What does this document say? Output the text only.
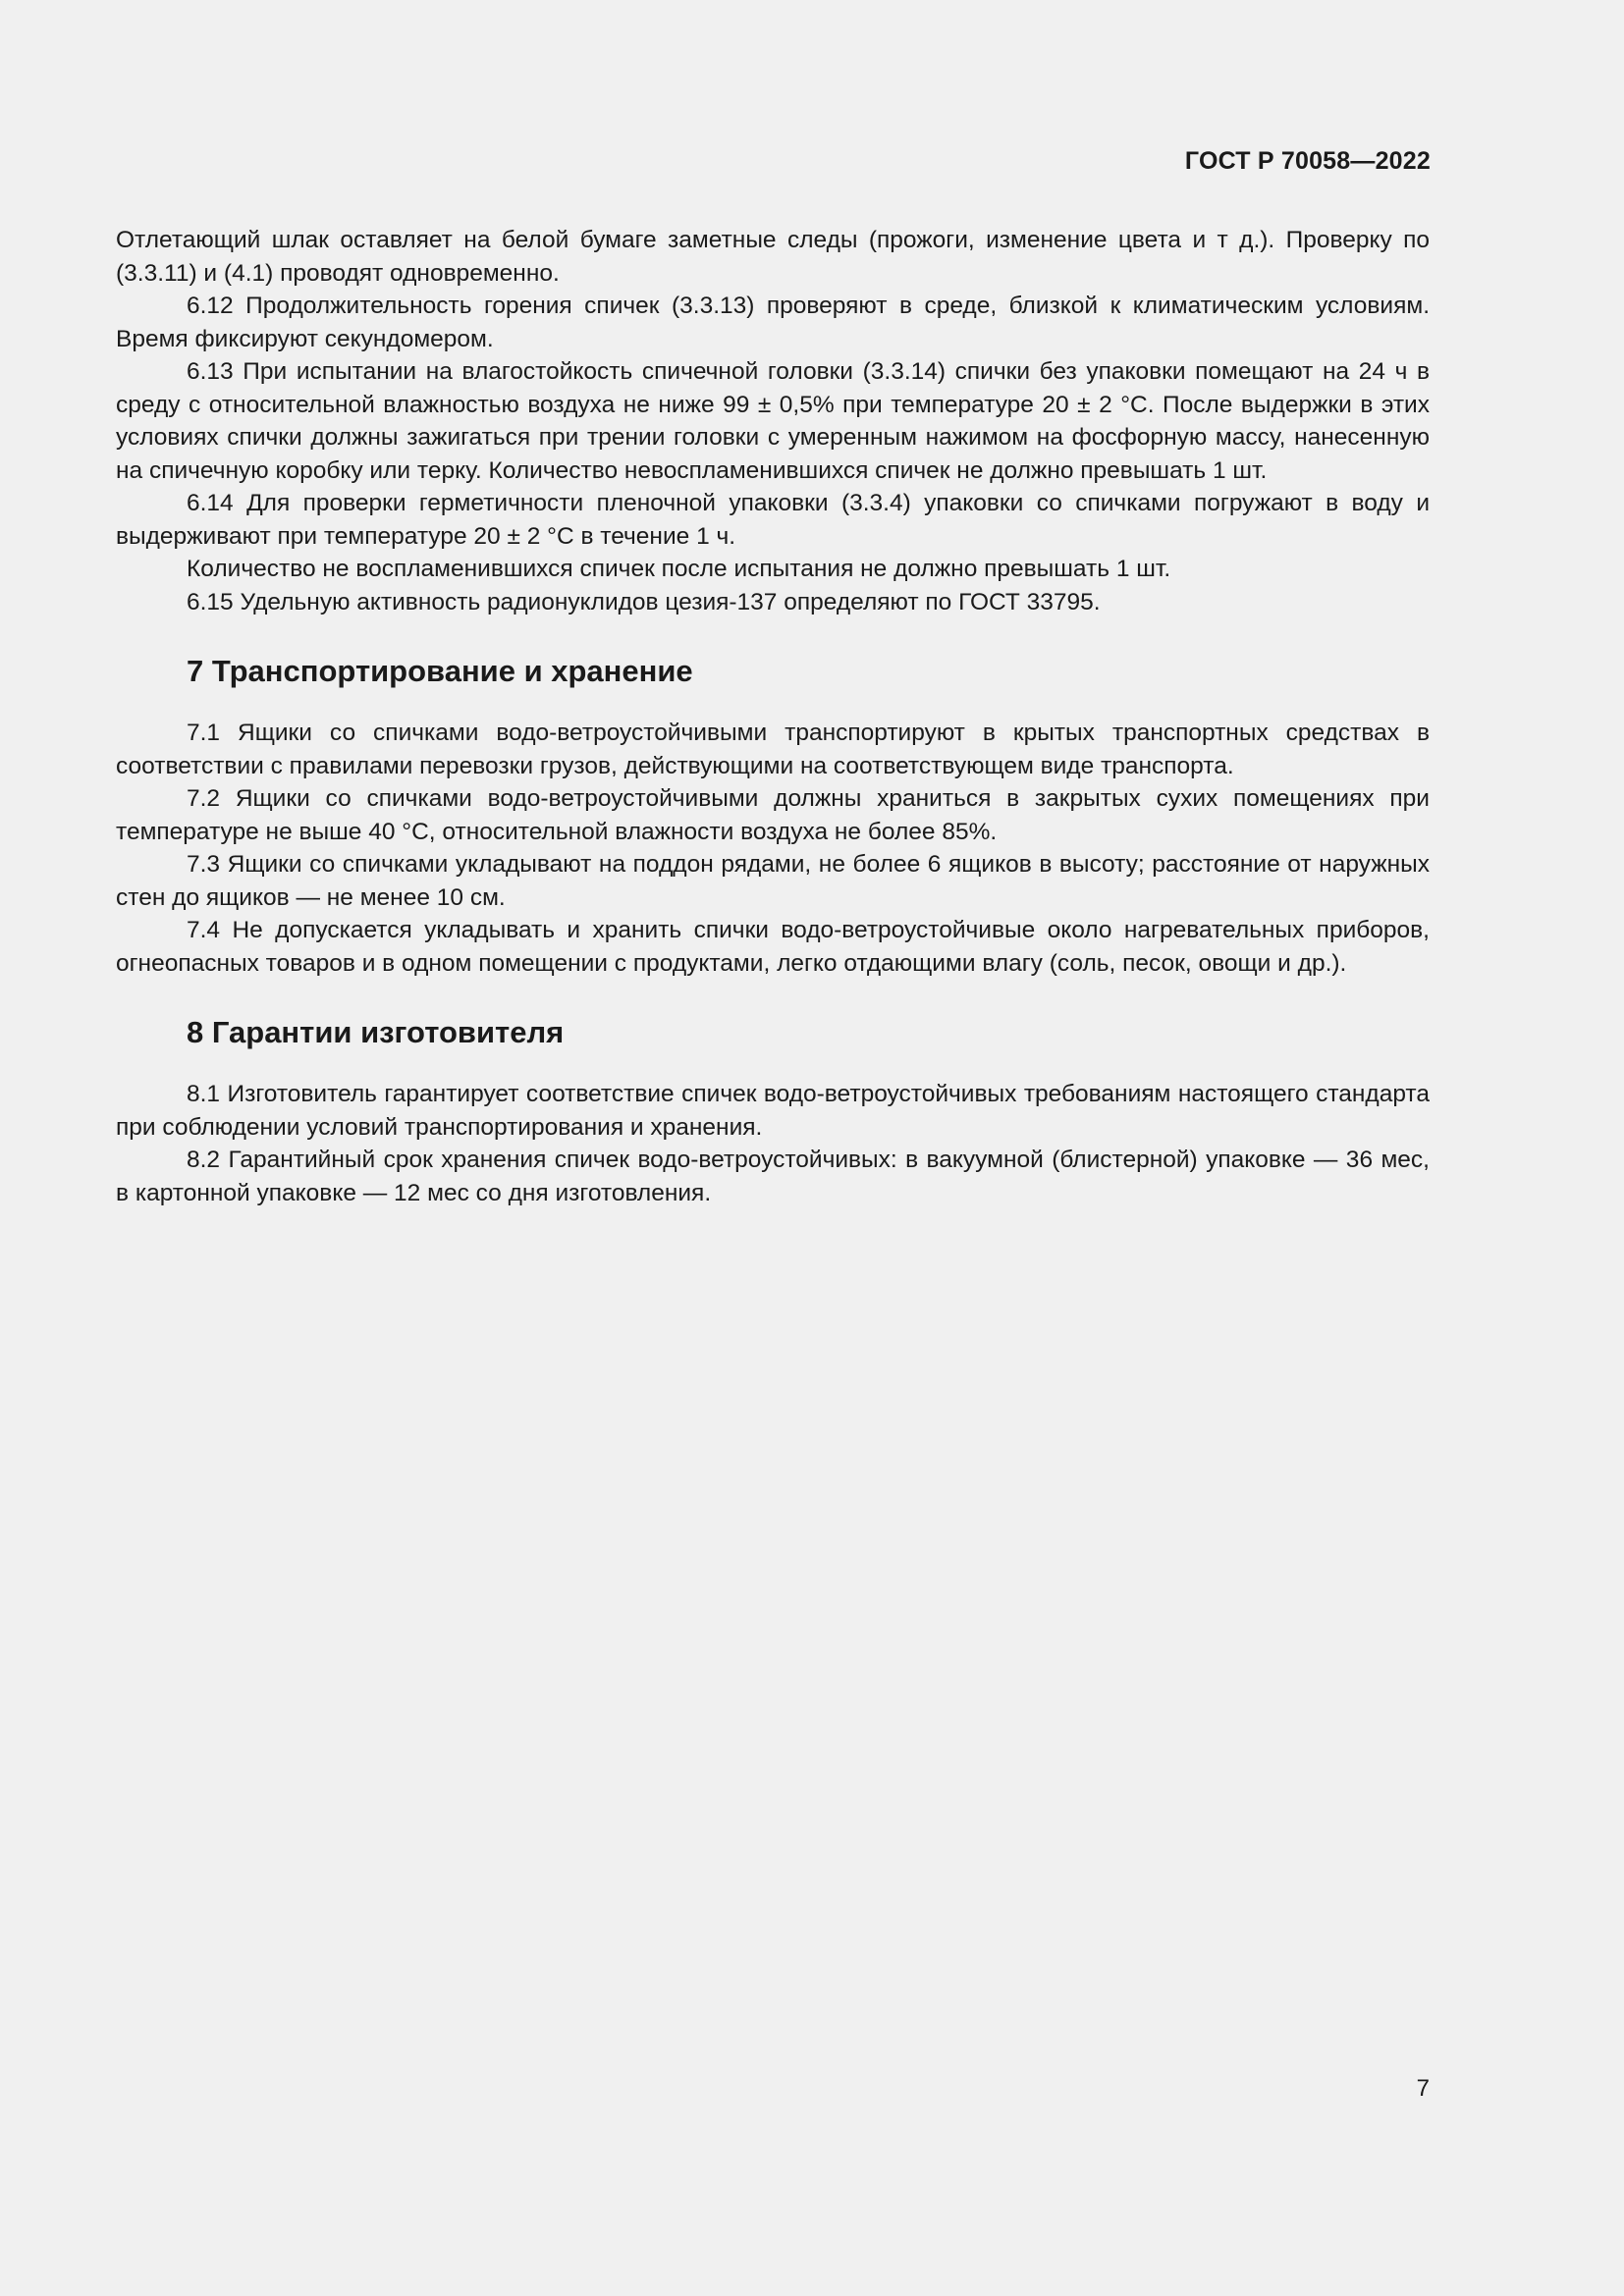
ГОСТ Р 70058—2022

Отлетающий шлак оставляет на белой бумаге заметные следы (прожоги, изменение цвета и т д.). Проверку по (3.3.11) и (4.1) проводят одновременно.

6.12 Продолжительность горения спичек (3.3.13) проверяют в среде, близкой к климатическим условиям. Время фиксируют секундомером.

6.13 При испытании на влагостойкость спичечной головки (3.3.14) спички без упаковки помещают на 24 ч в среду с относительной влажностью воздуха не ниже 99 ± 0,5% при температуре 20 ± 2 °С. После выдержки в этих условиях спички должны зажигаться при трении головки с умеренным нажимом на фосфорную массу, нанесенную на спичечную коробку или терку. Количество невоспламенившихся спичек не должно превышать 1 шт.

6.14 Для проверки герметичности пленочной упаковки (3.3.4) упаковки со спичками погружают в воду и выдерживают при температуре 20 ± 2 °С в течение 1 ч.

Количество не воспламенившихся спичек после испытания не должно превышать 1 шт.

6.15 Удельную активность радионуклидов цезия-137 определяют по ГОСТ 33795.

7 Транспортирование и хранение

7.1 Ящики со спичками водо-ветроустойчивыми транспортируют в крытых транспортных средствах в соответствии с правилами перевозки грузов, действующими на соответствующем виде транспорта.

7.2 Ящики со спичками водо-ветроустойчивыми должны храниться в закрытых сухих помещениях при температуре не выше 40 °С, относительной влажности воздуха не более 85%.

7.3 Ящики со спичками укладывают на поддон рядами, не более 6 ящиков в высоту; расстояние от наружных стен до ящиков — не менее 10 см.

7.4 Не допускается укладывать и хранить спички водо-ветроустойчивые около нагревательных приборов, огнеопасных товаров и в одном помещении с продуктами, легко отдающими влагу (соль, песок, овощи и др.).

8 Гарантии изготовителя

8.1 Изготовитель гарантирует соответствие спичек водо-ветроустойчивых требованиям настоящего стандарта при соблюдении условий транспортирования и хранения.

8.2 Гарантийный срок хранения спичек водо-ветроустойчивых: в вакуумной (блистерной) упаковке — 36 мес, в картонной упаковке — 12 мес со дня изготовления.

7
